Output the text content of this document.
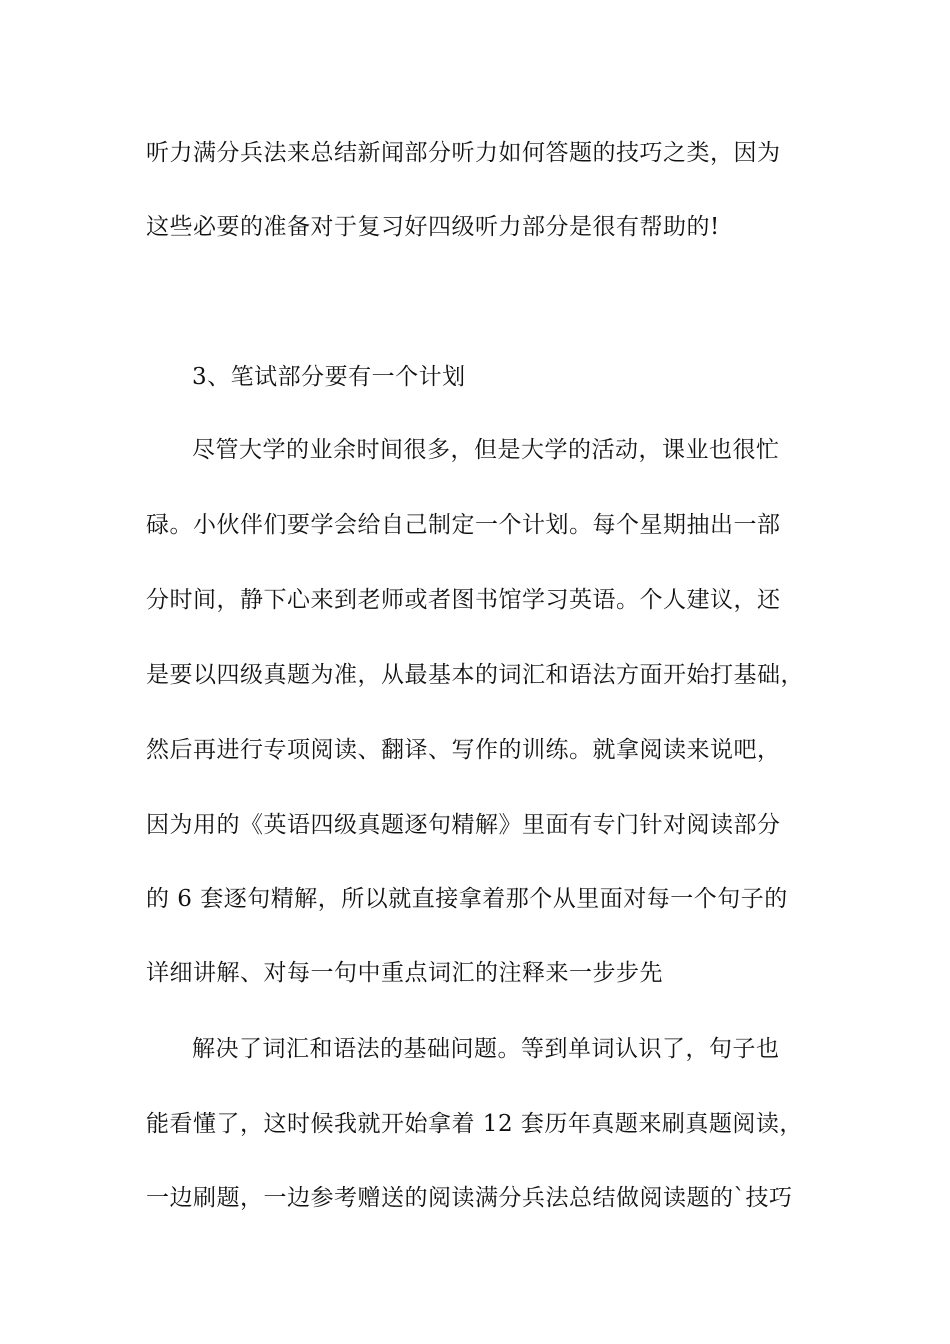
听力满分兵法来总结新闻部分听力如何答题的技巧之类，因为
这些必要的准备对于复习好四级听力部分是很有帮助的!
3、笔试部分要有一个计划
尽管大学的业余时间很多，但是大学的活动，课业也很忙
碌。小伙伴们要学会给自己制定一个计划。每个星期抽出一部
分时间，静下心来到老师或者图书馆学习英语。个人建议，还
是要以四级真题为准，从最基本的词汇和语法方面开始打基础，
然后再进行专项阅读、翻译、写作的训练。就拿阅读来说吧，
因为用的《英语四级真题逐句精解》里面有专门针对阅读部分
的 6 套逐句精解，所以就直接拿着那个从里面对每一个句子的
详细讲解、对每一句中重点词汇的注释来一步步先
解决了词汇和语法的基础问题。等到单词认识了，句子也
能看懂了，这时候我就开始拿着 12 套历年真题来刷真题阅读，
一边刷题，一边参考赠送的阅读满分兵法总结做阅读题的`技巧
